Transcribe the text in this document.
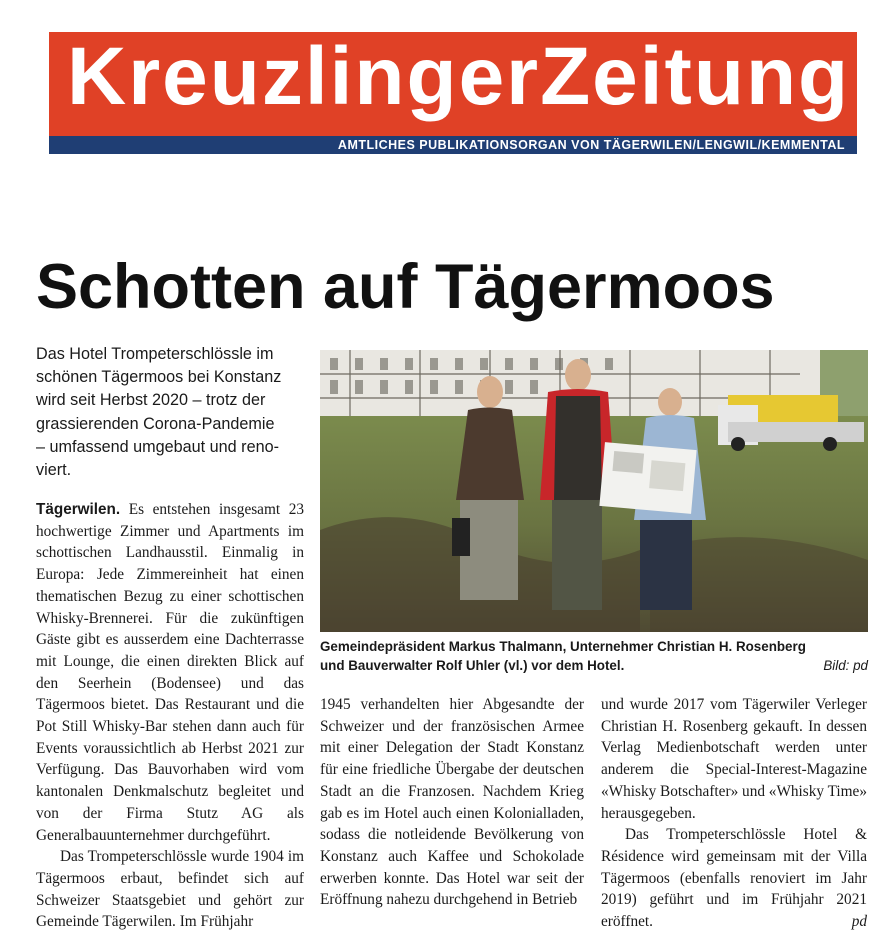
KreuzlingerZeitung
AMTLICHES PUBLIKATIONSORGAN VON TÄGERWILEN/LENGWIL/KEMMENTAL
Schotten auf Tägermoos
Das Hotel Trompeterschlössle im
schönen Tägermoos bei Konstanz
wird seit Herbst 2020 – trotz der
grassierenden Corona-Pandemie
– umfassend umgebaut und reno-
viert.

Tägerwilen. Es entstehen insgesamt 23 hochwertige Zimmer und Apartments im schottischen Landhausstil. Einmalig in Europa: Jede Zimmereinheit hat einen thematischen Bezug zu einer schottischen Whisky-Brennerei. Für die zukünftigen Gäste gibt es ausserdem eine Dachterrasse mit Lounge, die einen direkten Blick auf den Seerhein (Bodensee) und das Tägermoos bietet. Das Restaurant und die Pot Still Whisky-Bar stehen dann auch für Events voraussichtlich ab Herbst 2021 zur Verfügung. Das Bauvorhaben wird vom kantonalen Denkmalschutz begleitet und von der Firma Stutz AG als Generalbauunternehmer durchgeführt.

Das Trompeterschlössle wurde 1904 im Tägermoos erbaut, befindet sich auf Schweizer Staatsgebiet und gehört zur Gemeinde Tägerwilen. Im Frühjahr

Gemeindepräsident Markus Thalmann, Unternehmer Christian H. Rosenberg
und Bauverwalter Rolf Uhler (vl.) vor dem Hotel.	Bild: pd

1945 verhandelten hier Abgesandte der Schweizer und der französischen Armee mit einer Delegation der Stadt Konstanz für eine friedliche Übergabe der deutschen Stadt an die Franzosen. Nachdem Krieg gab es im Hotel auch einen Kolonialladen, sodass die notleidende Bevölkerung von Konstanz auch Kaffee und Schokolade erwerben konnte. Das Hotel war seit der Eröffnung nahezu durchgehend in Betrieb

und wurde 2017 vom Tägerwiler Verleger Christian H. Rosenberg gekauft. In dessen Verlag Medienbotschaft werden unter anderem die Special-Interest-Magazine «Whisky Botschafter» und «Whisky Time» herausgegeben.

Das Trompeterschlössle Hotel & Résidence wird gemeinsam mit der Villa Tägermoos (ebenfalls renoviert im Jahr 2019) geführt und im Frühjahr 2021 eröffnet.	pd
